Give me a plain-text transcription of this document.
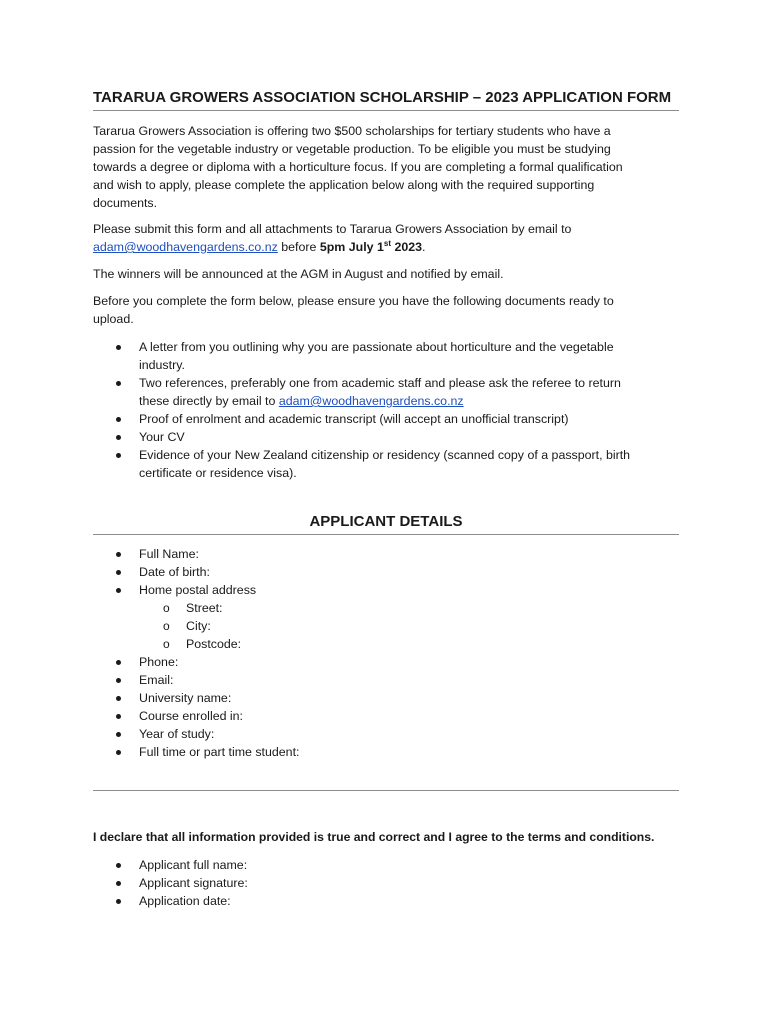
TARARUA GROWERS ASSOCIATION SCHOLARSHIP – 2023 APPLICATION FORM

Tararua Growers Association is offering two $500 scholarships for tertiary students who have a

passion for the vegetable industry or vegetable production. To be eligible you must be studying

towards a degree or diploma with a horticulture focus. If you are completing a formal qualification

and wish to apply, please complete the application below along with the required supporting

documents.

Please submit this form and all attachments to Tararua Growers Association by email to

adam@woodhavengardens.co.nz before 5pm July 1st 2023.

The winners will be announced at the AGM in August and notified by email.

Before you complete the form below, please ensure you have the following documents ready to

upload.

A letter from you outlining why you are passionate about horticulture and the vegetable
industry.
Two references, preferably one from academic staff and please ask the referee to return
these directly by email to adam@woodhavengardens.co.nz
Proof of enrolment and academic transcript (will accept an unofficial transcript)
Your CV
Evidence of your New Zealand citizenship or residency (scanned copy of a passport, birth
certificate or residence visa).
APPLICANT DETAILS
Full Name:
Date of birth:
Home postal address
o Street:
o City:
o Postcode:
Phone:
Email:
University name:
Course enrolled in:
Year of study:
Full time or part time student:
I declare that all information provided is true and correct and I agree to the terms and conditions.
Applicant full name:
Applicant signature:
Application date:
